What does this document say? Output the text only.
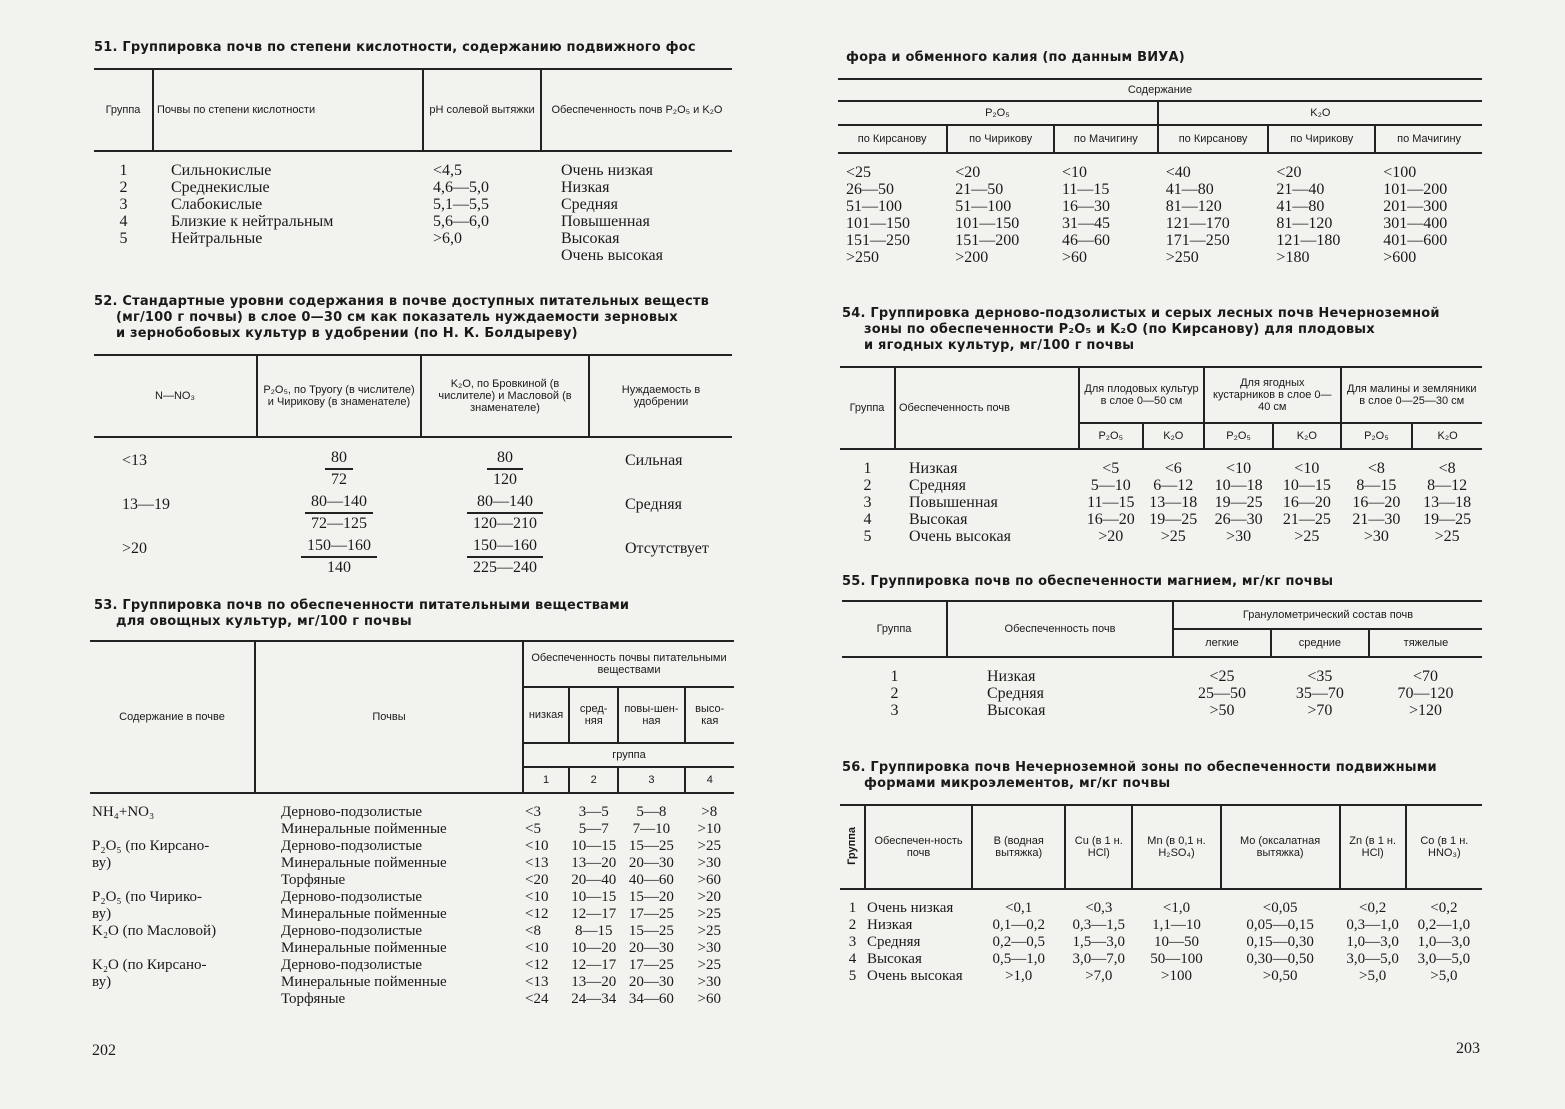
51. Группировка почв по степени кислотности, содержанию подвижного фос
Группа	Почвы по степени кислотности	pH солевой вытяжки	Обеспеченность почв P₂O₅ и K₂O

1	Сильнокислые	<4,5	Очень низкая
2	Среднекислые	4,6—5,0	Низкая
3	Слабокислые	5,1—5,5	Средняя
4	Близкие к нейтральным	5,6—6,0	Повышенная
5	Нейтральные	>6,0	Высокая
			Очень высокая
52. Стандартные уровни содержания в почве доступных питательных веществ
(мг/100 г почвы) в слое 0—30 см как показатель нуждаемости зерновых
и зернобобовых культур в удобрении (по Н. К. Болдыреву)
N—NO₃	P₂O₅, по Труогу (в числителе) и Чирикову (в знаменателе)	K₂O, по Бровкиной (в числителе) и Масловой (в знаменателе)	Нуждаемость в удобрении

<13	$\frac{80}{72}$	$\frac{80}{120}$	Сильная
13—19	$\frac{80—140}{72—125}$	$\frac{80—140}{120—210}$	Средняя
>20	$\frac{150—160}{140}$	$\frac{150—160}{225—240}$	Отсутствует
53. Группировка почв по обеспеченности питательными веществами
для овощных культур, мг/100 г почвы
Содержание в почве	Почвы	Обеспеченность почвы питательными веществами			
		низкая	сред-няя	повы-шен-ная	высо-кая
		группа			
		1	2	3	4

NH₄+NO₃	Дерново-подзолистые	<3	3—5	5—8	>8
	Минеральные пойменные	<5	5—7	7—10	>10
P₂O₅ (по Кирсано-	Дерново-подзолистые	<10	10—15	15—25	>25
ву)	Минеральные пойменные	<13	13—20	20—30	>30
	Торфяные	<20	20—40	40—60	>60
P₂O₅ (по Чирико-	Дерново-подзолистые	<10	10—15	15—20	>20
ву)	Минеральные пойменные	<12	12—17	17—25	>25
K₂O (по Масловой)	Дерново-подзолистые	<8	8—15	15—25	>25
	Минеральные пойменные	<10	10—20	20—30	>30
K₂O (по Кирсано-	Дерново-подзолистые	<12	12—17	17—25	>25
ву)	Минеральные пойменные	<13	13—20	20—30	>30
	Торфяные	<24	24—34	34—60	>60
202
фора и обменного калия (по данным ВИУА)
Содержание					
P₂O₅			K₂O		
по Кирсанову	по Чирикову	по Мачигину	по Кирсанову	по Чирикову	по Мачигину

<25	<20	<10	<40	<20	<100
26—50	21—50	11—15	41—80	21—40	101—200
51—100	51—100	16—30	81—120	41—80	201—300
101—150	101—150	31—45	121—170	81—120	301—400
151—250	151—200	46—60	171—250	121—180	401—600
>250	>200	>60	>250	>180	>600
54. Группировка дерново-подзолистых и серых лесных почв Нечерноземной
зоны по обеспеченности P₂O₅ и K₂O (по Кирсанову) для плодовых
и ягодных культур, мг/100 г почвы
Группа	Обеспеченность почв	Для плодовых культур в слое 0—50 см		Для ягодных кустарников в слое 0—40 см		Для малины и земляники в слое 0—25—30 см	
		P₂O₅	K₂O	P₂O₅	K₂O	P₂O₅	K₂O

1	Низкая	<5	<6	<10	<10	<8	<8
2	Средняя	5—10	6—12	10—18	10—15	8—15	8—12
3	Повышенная	11—15	13—18	19—25	16—20	16—20	13—18
4	Высокая	16—20	19—25	26—30	21—25	21—30	19—25
5	Очень высокая	>20	>25	>30	>25	>30	>25
55. Группировка почв по обеспеченности магнием, мг/кг почвы
Группа	Обеспеченность почв	Гранулометрический состав почв		
		легкие	средние	тяжелые

1	Низкая	<25	<35	<70
2	Средняя	25—50	35—70	70—120
3	Высокая	>50	>70	>120
56. Группировка почв Нечерноземной зоны по обеспеченности подвижными
формами микроэлементов, мг/кг почвы
Группа	Обеспечен-ность почв	B (водная вытяжка)	Cu (в 1 н. HCl)	Mn (в 0,1 н. H₂SO₄)	Mo (оксалатная вытяжка)	Zn (в 1 н. HCl)	Co (в 1 н. HNO₃)

1	Очень низкая	<0,1	<0,3	<1,0	<0,05	<0,2	<0,2
2	Низкая	0,1—0,2	0,3—1,5	1,1—10	0,05—0,15	0,3—1,0	0,2—1,0
3	Средняя	0,2—0,5	1,5—3,0	10—50	0,15—0,30	1,0—3,0	1,0—3,0
4	Высокая	0,5—1,0	3,0—7,0	50—100	0,30—0,50	3,0—5,0	3,0—5,0
5	Очень высокая	>1,0	>7,0	>100	>0,50	>5,0	>5,0
203
